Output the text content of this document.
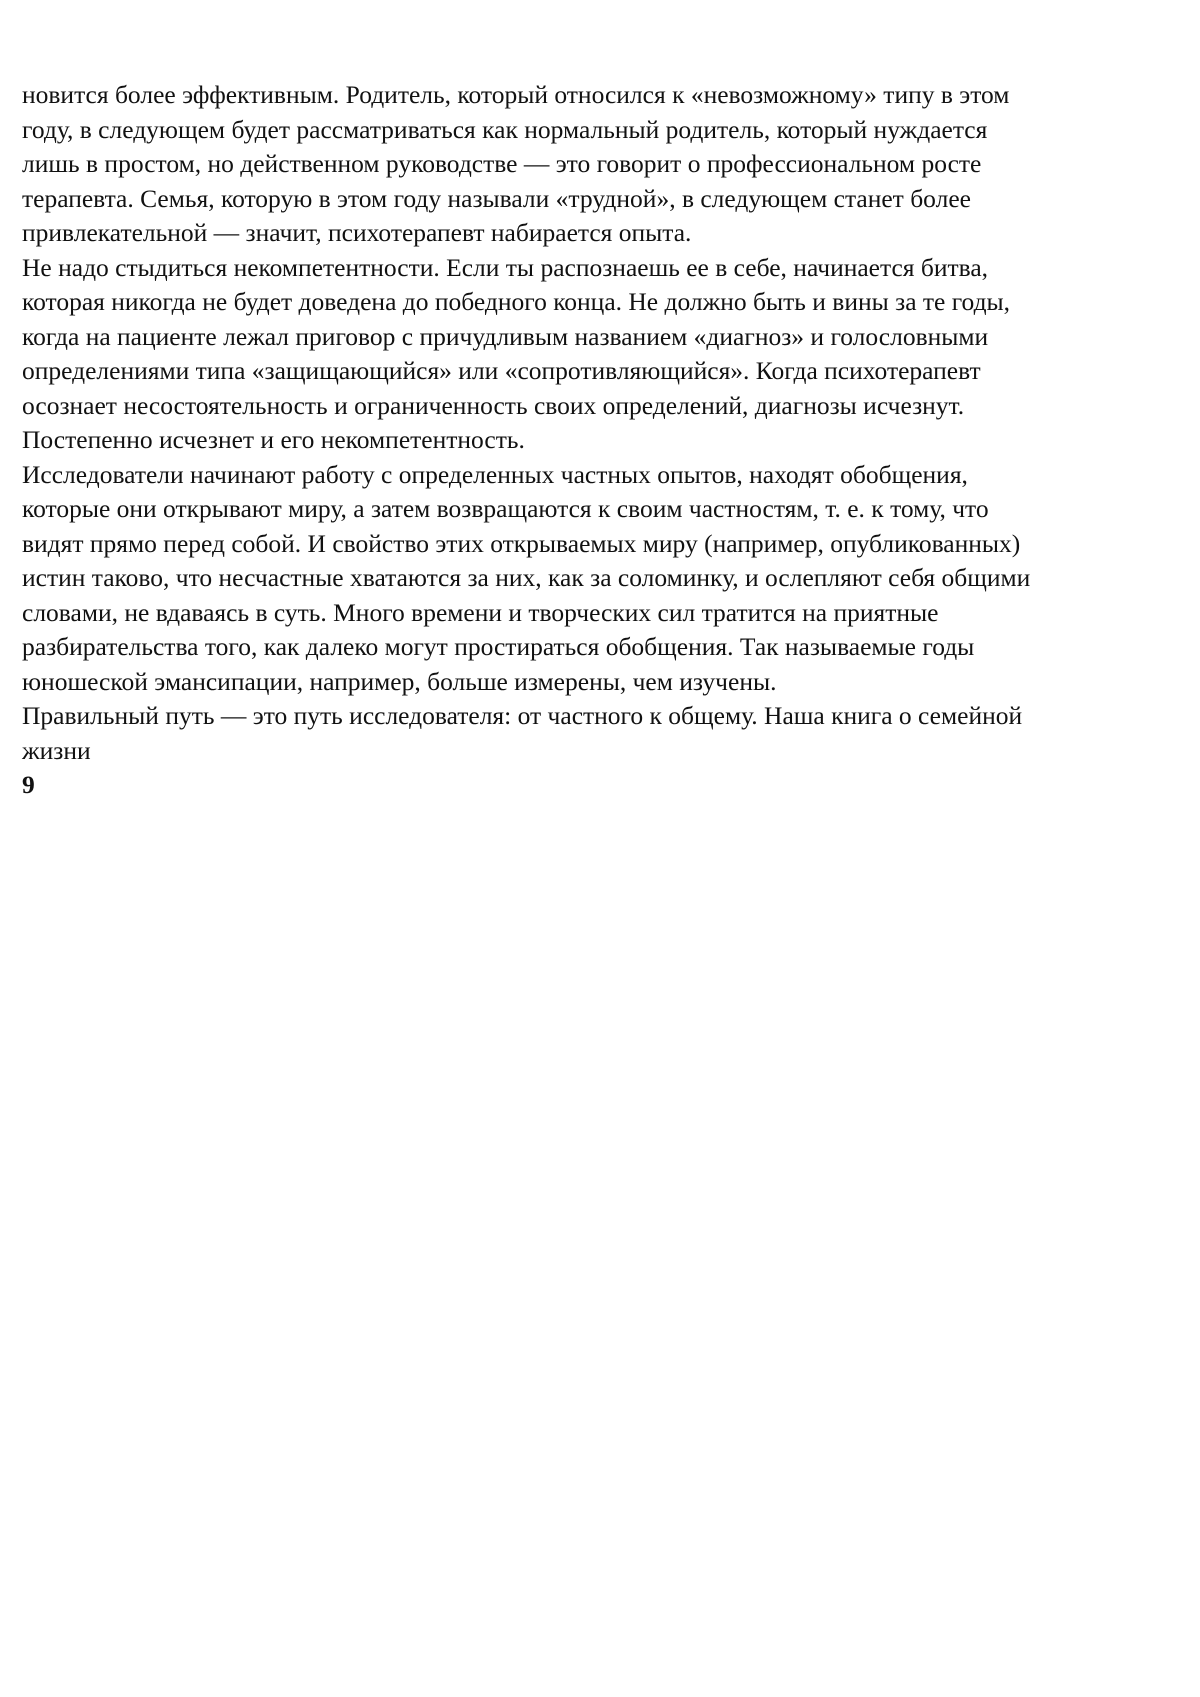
новится более эффективным. Родитель, который относился к «невозможному» типу в этом
году, в следующем будет рассматриваться как нормальный родитель, который нуждается
лишь в простом, но действенном руководстве — это говорит о профессиональном росте
терапевта. Семья, которую в этом году называли «трудной», в следующем станет более
привлекательной — значит, психотерапевт набирается опыта.

Не надо стыдиться некомпетентности. Если ты распознаешь ее в себе, начинается битва,
которая никогда не будет доведена до победного конца. Не должно быть и вины за те годы,
когда на пациенте лежал приговор с причудливым названием «диагноз» и голословными
определениями типа «защищающийся» или «сопротивляющийся». Когда психотерапевт
осознает несостоятельность и ограниченность своих определений, диагнозы исчезнут.
Постепенно исчезнет и его некомпетентность.

Исследователи начинают работу с определенных частных опытов, находят обобщения,
которые они открывают миру, а затем возвращаются к своим частностям, т. е. к тому, что
видят прямо перед собой. И свойство этих открываемых миру (например, опубликованных)
истин таково, что несчастные хватаются за них, как за соломинку, и ослепляют себя общими
словами, не вдаваясь в суть. Много времени и творческих сил тратится на приятные
разбирательства того, как далеко могут простираться обобщения. Так называемые годы
юношеской эмансипации, например, больше измерены, чем изучены.

Правильный путь — это путь исследователя: от частного к общему. Наша книга о семейной
жизни

9
